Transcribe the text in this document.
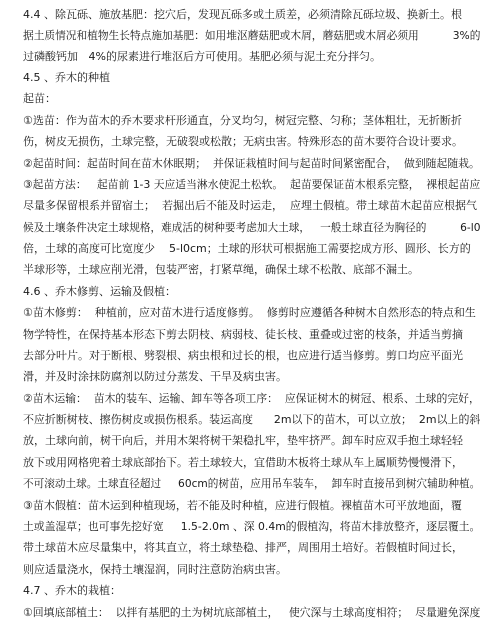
4.4 、除瓦砾、施放基肥：挖穴后，发现瓦砾多或土质差，必须清除瓦砾垃圾、换新土。根
据土质情况和植物生长特点施加基肥：如用堆沤蘑菇肥或木屑，蘑菇肥或木屑必须用          3%的
过磷酸钙加   4%的尿素进行堆沤后方可使用。基肥必须与泥土充分拌匀。
4.5 、乔木的种植
起苗：
①选苗：作为苗木的乔木要求杆形通直，分叉均匀，树冠完整、匀称；茎体粗壮，无折断折
伤，树皮无损伤，土球完整，无破裂或松散；无病虫害。特殊形态的苗木要符合设计要求。
②起苗时间：起苗时间在苗木休眠期；  并保证栽植时间与起苗时间紧密配合，  做到随起随栽。
③起苗方法：   起苗前 1-3 天应适当淋水使泥土松软。  起苗要保证苗木根系完整，  裸根起苗应
尽量多保留根系并留宿土；  若掘出后不能及时运走，  应埋土假植。带土球苗木起苗应根据气
候及土壤条件决定土球规格，难成活的树种要考虑加大土球，   一般土球直径为胸径的          6-l0
倍，土球的高度可比宽度少    5-l0cm；土球的形状可根据施工需要挖成方形、圆形、长方的
半球形等，土球应削光滑，包装严密，打紧草绳，确保土球不松散、底部不漏土。
4.6 、乔木修剪、运输及假植：
①苗木修剪：  种植前，应对苗木进行适度修剪。  修剪时应遵循各种树木自然形态的特点和生
物学特性，在保持基本形态下剪去阴枝、病弱枝、徒长枝、重叠或过密的枝条，并适当剪摘
去部分叶片。对于断根、劈裂根、病虫根和过长的根，也应进行适当修剪。剪口均应平面光
滑，并及时涂抹防腐剂以防过分蒸发、干旱及病虫害。
②苗木运输：  苗木的装车、运输、卸车等各项工序：  应保证树木的树冠、根系、土球的完好，
不应折断树枝、擦伤树皮或损伤根系。装运高度      2m以下的苗木，可以立放；  2m以上的斜
放，土球向前，树干向后，并用木架将树干架稳扎牢，垫牢挤严。卸车时应双手抱土球轻轻
放下或用网格兜着土球底部抬下。若土球较大，宜借助木板将土球从车上属顺势慢慢滑下，
不可滚动土球。土球直径超过     60cm的树苗，应用吊车装车，  卸车时直接吊到树穴辅助种植。
③苗木假植：苗木运到种植现场，若不能及时种植，应进行假植。裸植苗木可平放地面，覆
土或盖湿草；也可事先挖好宽     1.5-2.0m 、深 0.4m的假植沟，将苗木排放整齐，逐层覆土。
带土球苗木应尽量集中，将其直立，将土球垫稳、排严，周围用土培好。若假植时间过长，
则应适量浇水，保持土壤湿润，同时注意防治病虫害。
4.7 、乔木的栽植：
①回填底部植土：  以拌有基肥的土为树坑底部植土，   使穴深与土球高度相符；  尽量避免深度
